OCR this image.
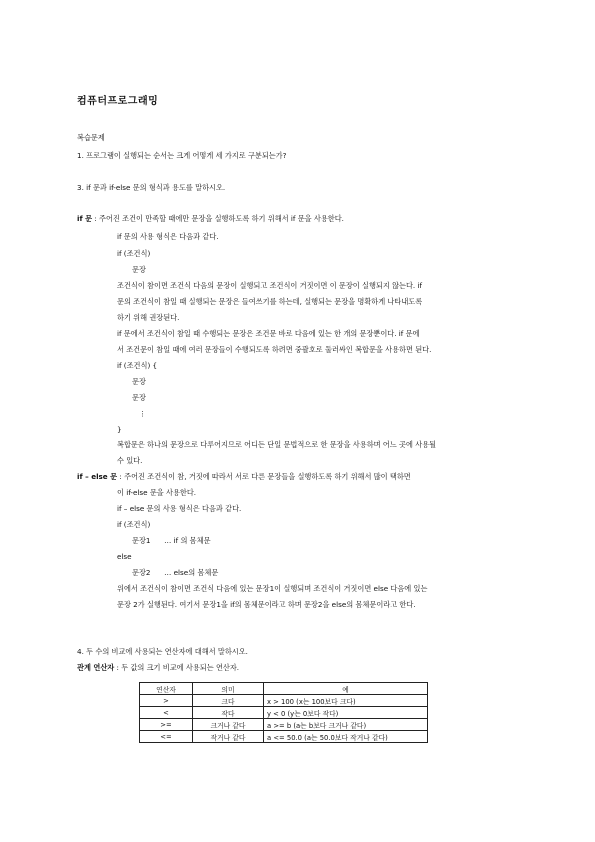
컴퓨터프로그래밍
복습문제
1. 프로그램이 실행되는 순서는 크게 어떻게 세 가지로 구분되는가?
3. if 문과 if-else 문의 형식과 용도를 말하시오.
if 문 : 주어진 조건이 만족할 때에만 문장을 실행하도록 하기 위해서 if 문을 사용한다.
if 문의 사용 형식은 다음과 같다.
if (조건식)
문장
조건식이 참이면 조건식 다음의 문장이 실행되고 조건식이 거짓이면 이 문장이 실행되지 않는다. if
문의 조건식이 참일 때 실행되는 문장은 들여쓰기를 하는데, 실행되는 문장을 명확하게 나타내도록
하기 위해 권장된다.
if 문에서 조건식이 참일 때 수행되는 문장은 조건문 바로 다음에 있는 한 개의 문장뿐이다. if 문에
서 조건문이 참일 때에 여러 문장들이 수행되도록 하려면 중괄호로 둘러싸인 복합문을 사용하면 된다.
if (조건식) {
문장
문장
⋮
}
복합문은 하나의 문장으로 다루어지므로 어디든 단일 문법적으로 한 문장을 사용하며 어느 곳에 사용될
수 있다.
if – else 문 : 주어진 조건식이 참, 거짓에 따라서 서로 다른 문장들을 실행하도록 하기 위해서 많이 택하면
이 if-else 문을 사용한다.
if – else 문의 사용 형식은 다음과 같다.
if (조건식)
문장1      … if 의 몸체문
else
문장2      … else의 몸체문
위에서 조건식이 참이면 조건식 다음에 있는 문장1이 실행되며 조건식이 거짓이면 else 다음에 있는
문장 2가 실행된다. 여기서 문장1을 if의 몸체문이라고 하며 문장2을 else의 몸체문이라고 한다.
4. 두 수의 비교에 사용되는 연산자에 대해서 말하시오.
관계 연산자 : 두 값의 크기 비교에 사용되는 연산자.
연산자	의미	예
>	크다	x > 100 (x는 100보다 크다)
<	작다	y < 0 (y는 0보다 작다)
>=	크거나 같다	a >= b (a는 b보다 크거나 같다)
<=	작거나 같다	a <= 50.0 (a는 50.0보다 작거나 같다)
